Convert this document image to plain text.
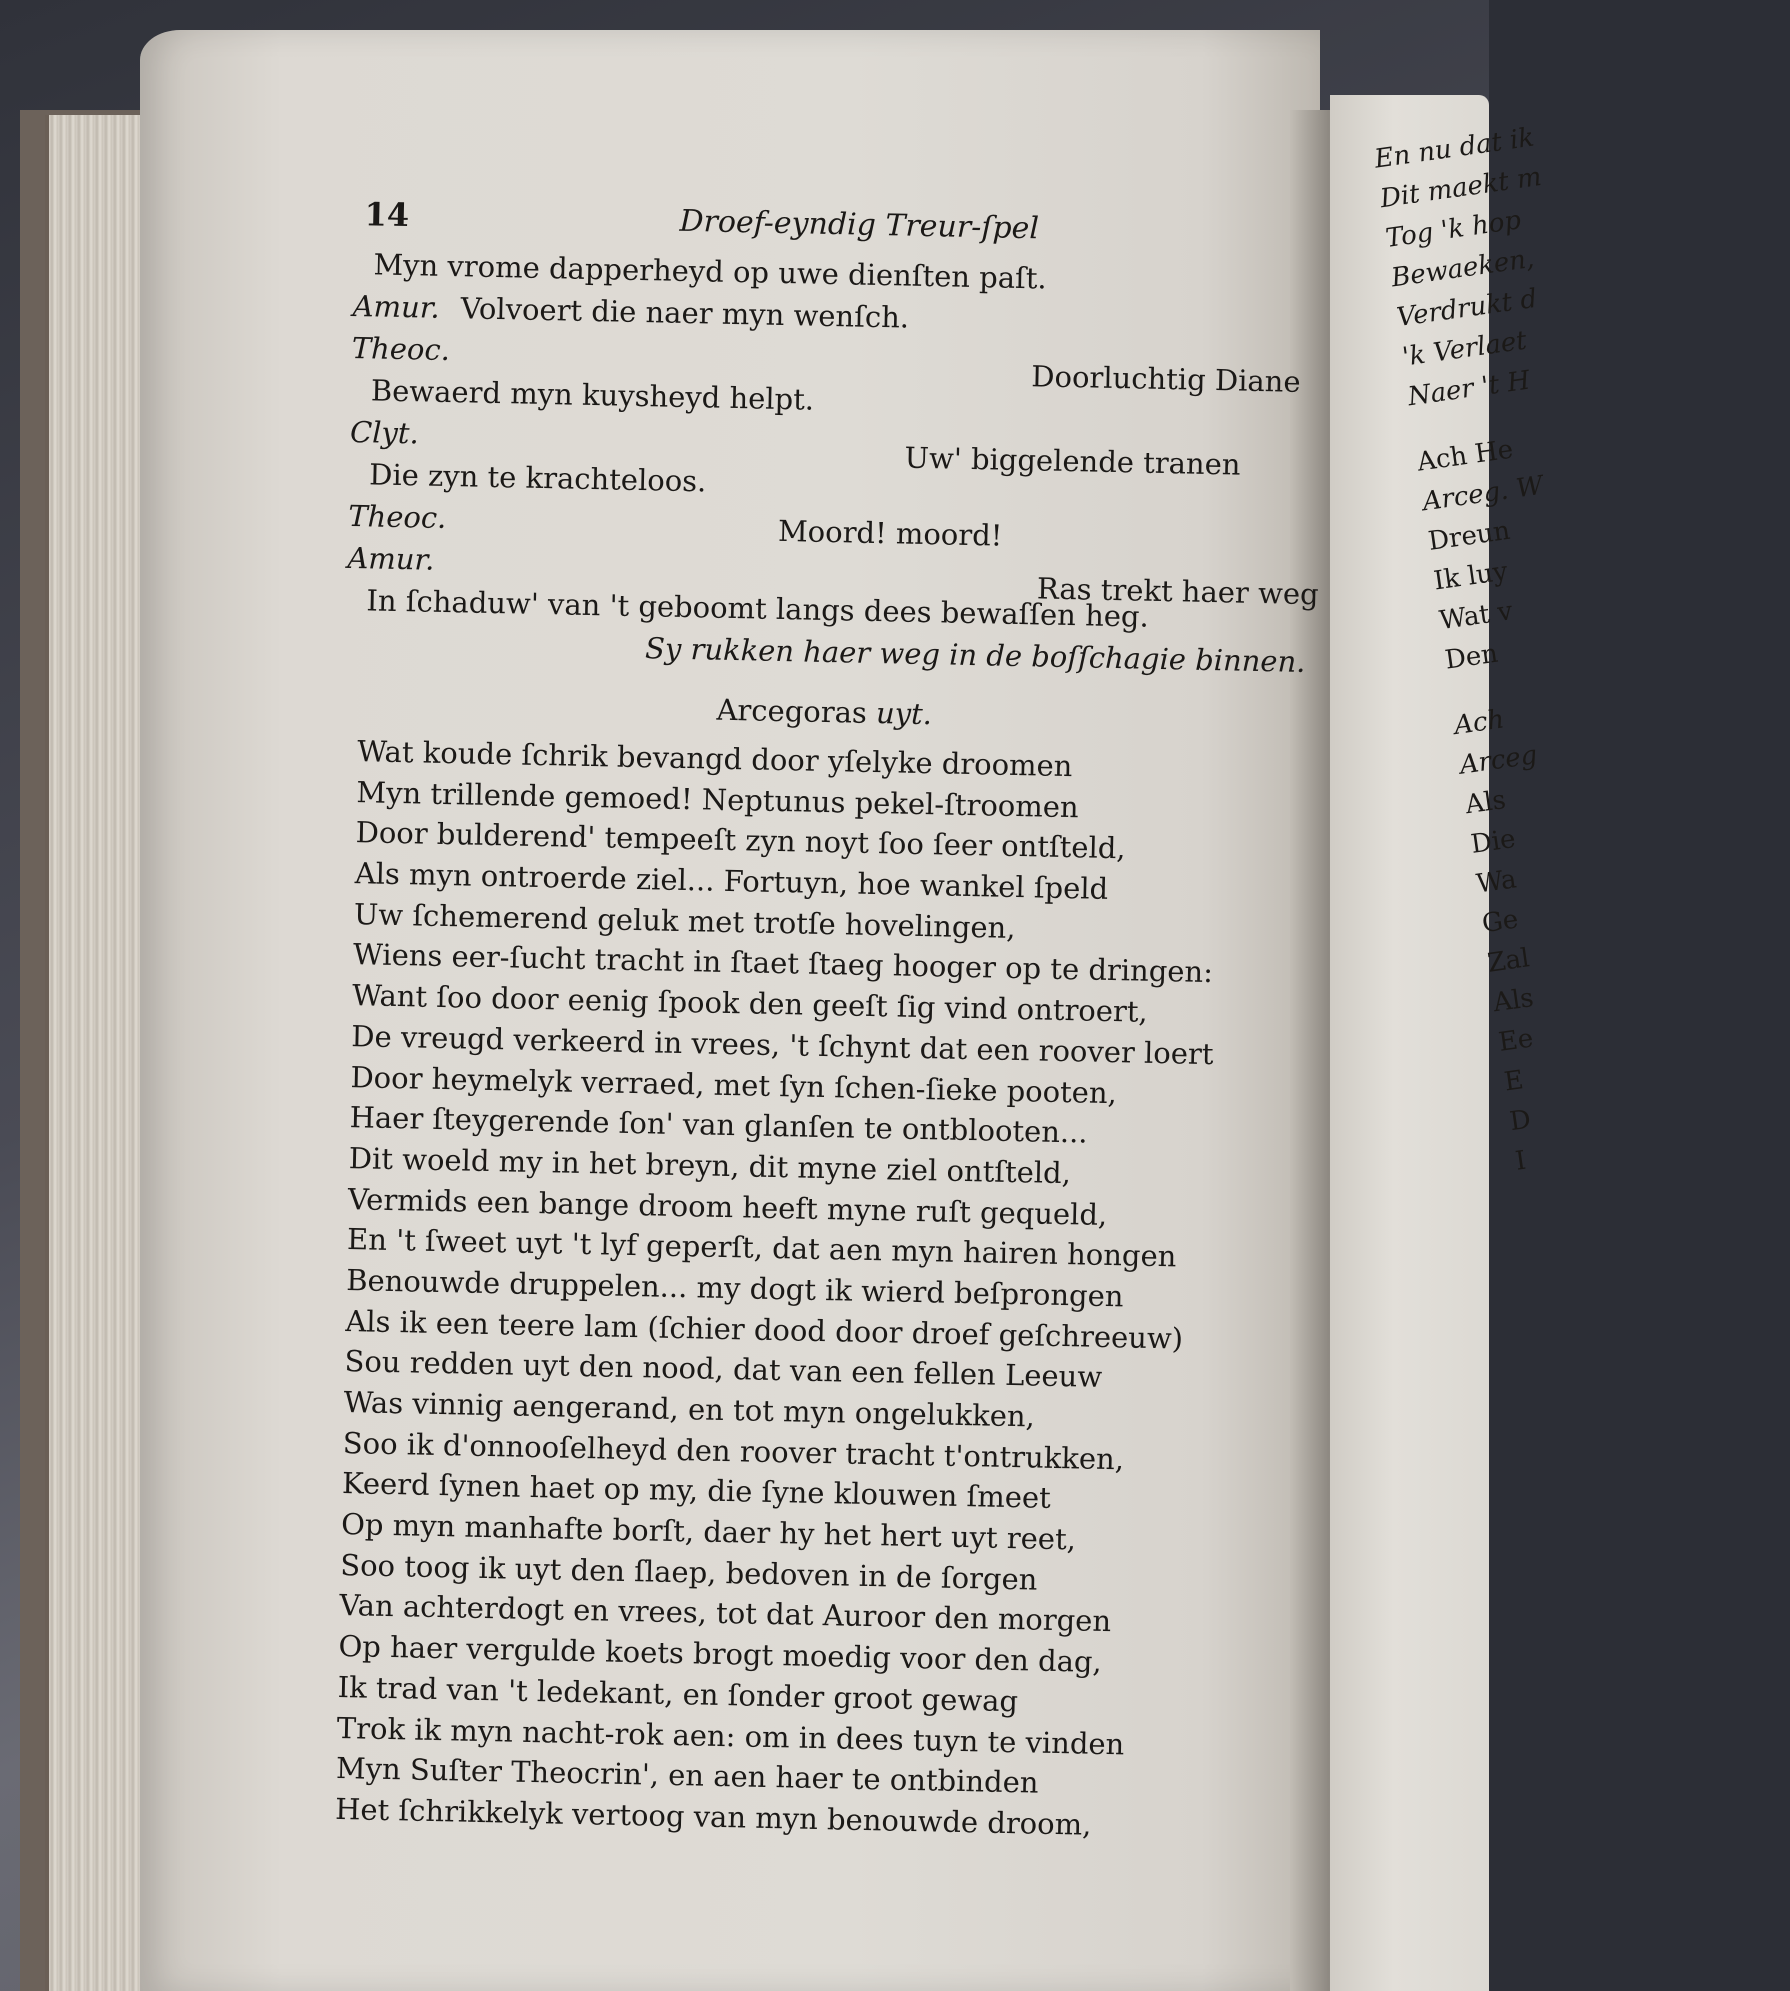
14	Droef-eyndig Treur-ſpel
Myn vrome dapperheyd op uwe dienſten paſt.
Amur. Volvoert die naer myn wenſch.
Theoc.
Doorluchtig Diane
Bewaerd myn kuysheyd helpt.
Clyt.
Uw' biggelende tranen
Die zyn te krachteloos.
Theoc.	Moord! moord!
Amur.
Ras trekt haer weg
In ſchaduw' van 't geboomt langs dees bewaſſen heg.
Sy rukken haer weg in de boſſchagie binnen.
Arcegoras uyt.
Wat koude ſchrik bevangd door yſelyke droomen
Myn trillende gemoed! Neptunus pekel-ſtroomen
Door bulderend' tempeeſt zyn noyt ſoo ſeer ontſteld,
Als myn ontroerde ziel... Fortuyn, hoe wankel ſpeld
Uw ſchemerend geluk met trotſe hovelingen,
Wiens eer-ſucht tracht in ſtaet ſtaeg hooger op te dringen:
Want ſoo door eenig ſpook den geeſt ſig vind ontroert,
De vreugd verkeerd in vrees, 't ſchynt dat een roover loert
Door heymelyk verraed, met ſyn ſchen-ſieke pooten,
Haer ſteygerende ſon' van glanſen te ontblooten...
Dit woeld my in het breyn, dit myne ziel ontſteld,
Vermids een bange droom heeft myne ruſt gequeld,
En 't ſweet uyt 't lyf geperſt, dat aen myn hairen hongen
Benouwde druppelen... my dogt ik wierd beſprongen
Als ik een teere lam (ſchier dood door droef geſchreeuw)
Sou redden uyt den nood, dat van een fellen Leeuw
Was vinnig aengerand, en tot myn ongelukken,
Soo ik d'onnooſelheyd den roover tracht t'ontrukken,
Keerd ſynen haet op my, die ſyne klouwen ſmeet
Op myn manhafte borſt, daer hy het hert uyt reet,
Soo toog ik uyt den ſlaep, bedoven in de ſorgen
Van achterdogt en vrees, tot dat Auroor den morgen
Op haer vergulde koets brogt moedig voor den dag,
Ik trad van 't ledekant, en ſonder groot gewag
Trok ik myn nacht-rok aen: om in dees tuyn te vinden
Myn Suſter Theocrin', en aen haer te ontbinden
Het ſchrikkelyk vertoog van myn benouwde droom,
En nu dat ik
Dit maekt m
Tog 'k hop
Bewaeken,
Verdrukt d
'k Verlaet
Naer 't H
Ach He
Arceg. W
Dreun
Ik luy
Wat v
Den
Ach
Arceg
Als
Die
Wa
Ge
Zal
Als
Ee
E
D
I
